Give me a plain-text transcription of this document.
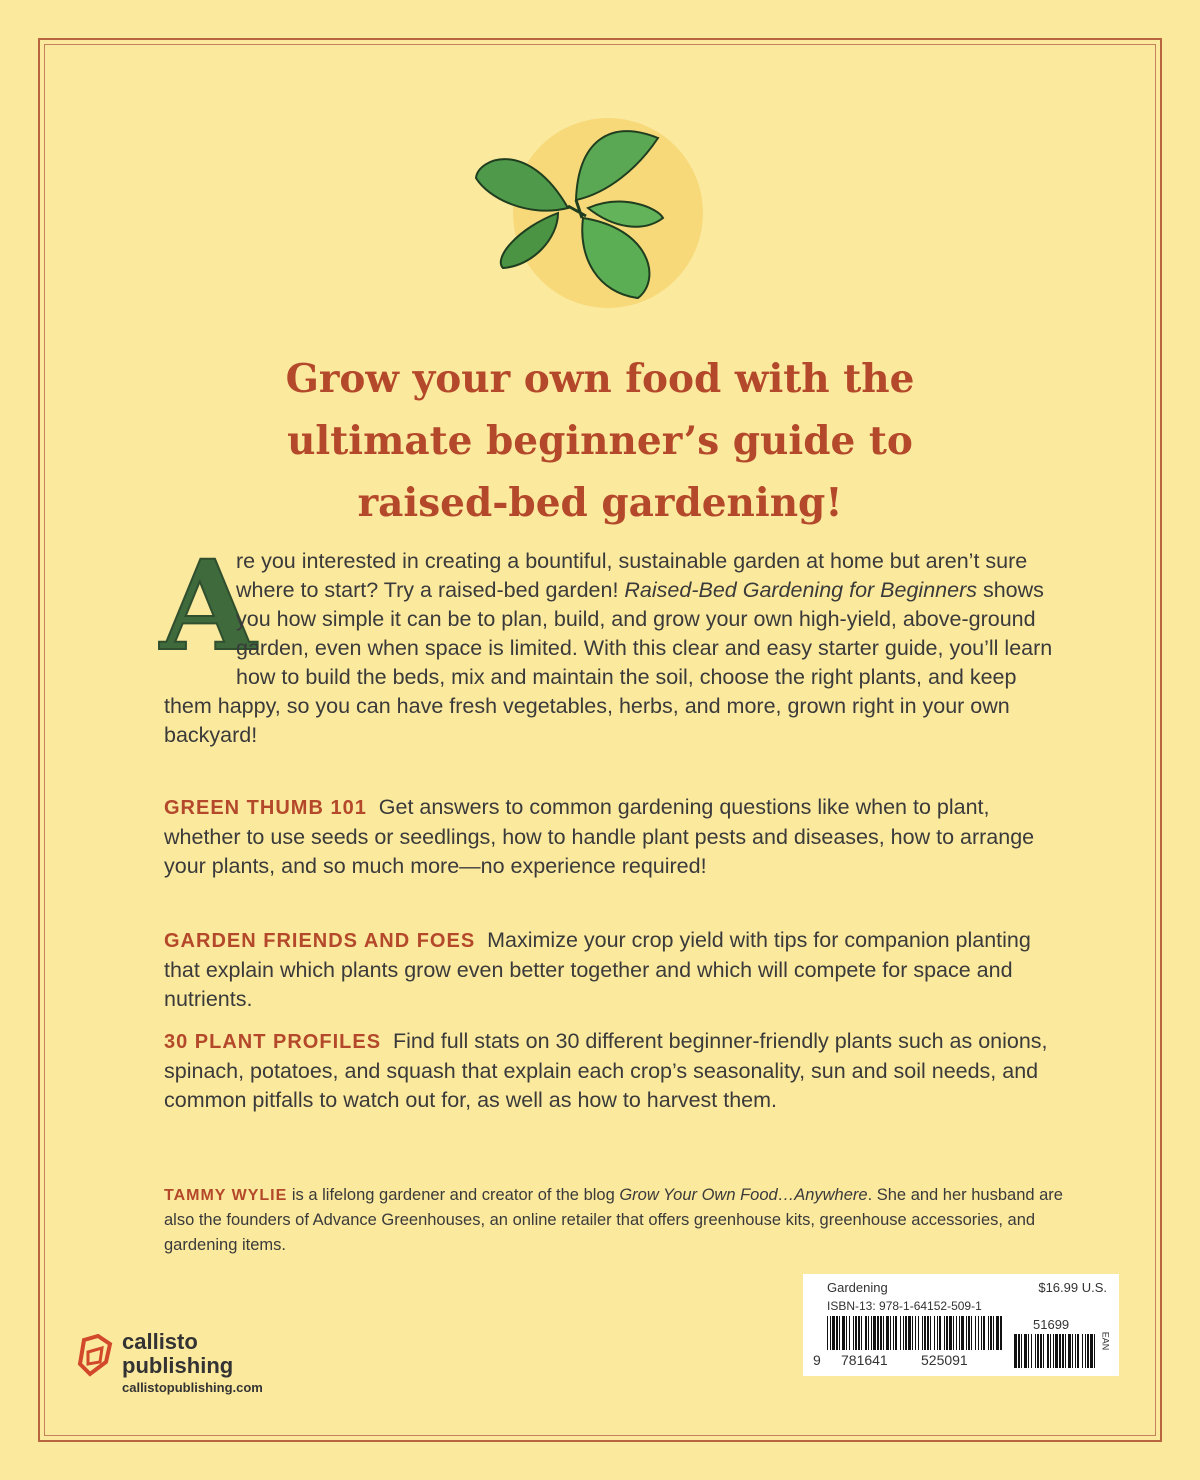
Grow your own food with the
ultimate beginner’s guide to
raised-bed gardening!

A
re you interested in creating a bountiful, sustainable garden at home but aren’t sure where to start? Try a raised-bed garden! Raised-Bed Gardening for Beginners shows you how simple it can be to plan, build, and grow your own high-yield, above-ground garden, even when space is limited. With this clear and easy starter guide, you’ll learn how to build the beds, mix and maintain the soil, choose the right plants, and keep them happy, so you can have fresh vegetables, herbs, and more, grown right in your own backyard!

GREEN THUMB 101 Get answers to common gardening questions like when to plant, whether to use seeds or seedlings, how to handle plant pests and diseases, how to arrange your plants, and so much more—no experience required!

GARDEN FRIENDS AND FOES Maximize your crop yield with tips for companion planting that explain which plants grow even better together and which will compete for space and nutrients.

30 PLANT PROFILES Find full stats on 30 different beginner-friendly plants such as onions, spinach, potatoes, and squash that explain each crop’s seasonality, sun and soil needs, and common pitfalls to watch out for, as well as how to harvest them.

TAMMY WYLIE is a lifelong gardener and creator of the blog Grow Your Own Food…Anywhere. She and her husband are also the founders of Advance Greenhouses, an online retailer that offers greenhouse kits, greenhouse accessories, and gardening items.

callisto
publishing
callistopublishing.com
Gardening	$16.99 U.S.
ISBN-13: 978-1-64152-509-1
51699
9 781641 525091
EAN
